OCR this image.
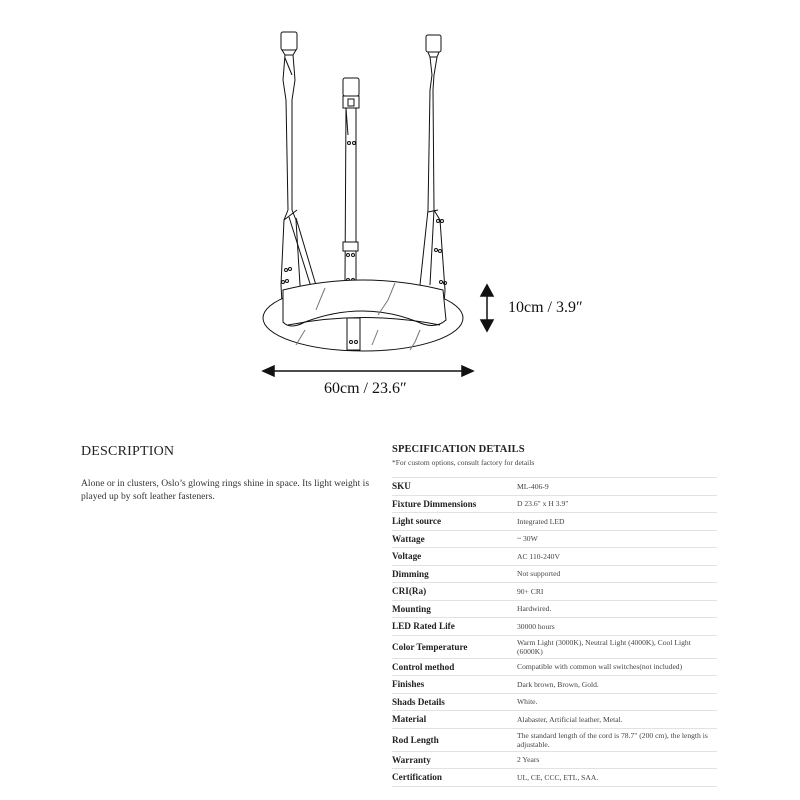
10cm / 3.9″
60cm / 23.6″
DESCRIPTION

Alone or in clusters, Oslo’s glowing rings shine in space. Its light weight is played up by soft leather fasteners.

SPECIFICATION DETAILS

*For custom options, consult factory for details

SKU	ML-406-9
Fixture Dimmensions	D 23.6" x H 3.9"
Light source	Integrated LED
Wattage	~ 30W
Voltage	AC 110-240V
Dimming	Not supported
CRI(Ra)	90+ CRI
Mounting	Hardwired.
LED Rated Life	30000 hours
Color Temperature	Warm Light (3000K), Neutral Light (4000K), Cool Light (6000K)
Control method	Compatible with common wall switches(not included)
Finishes	Dark brown, Brown, Gold.
Shads Details	White.
Material	Alabaster, Artificial leather, Metal.
Rod Length	The standard length of the cord is 78.7" (200 cm), the length is adjustable.
Warranty	2 Years
Certification	UL, CE, CCC, ETL, SAA.
